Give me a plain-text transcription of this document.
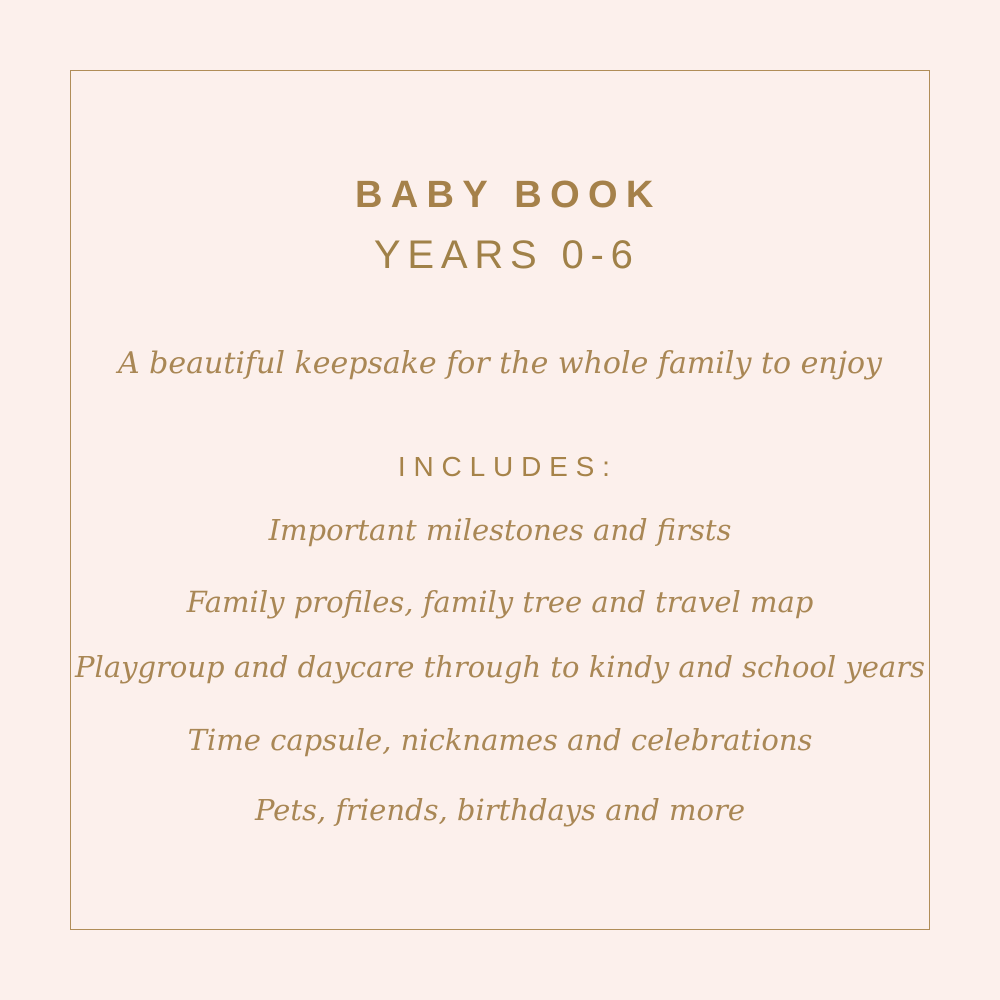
BABY BOOK
YEARS 0-6
A beautiful keepsake for the whole family to enjoy
INCLUDES:
Important milestones and firsts
Family profiles, family tree and travel map
Playgroup and daycare through to kindy and school years
Time capsule, nicknames and celebrations
Pets, friends, birthdays and more
